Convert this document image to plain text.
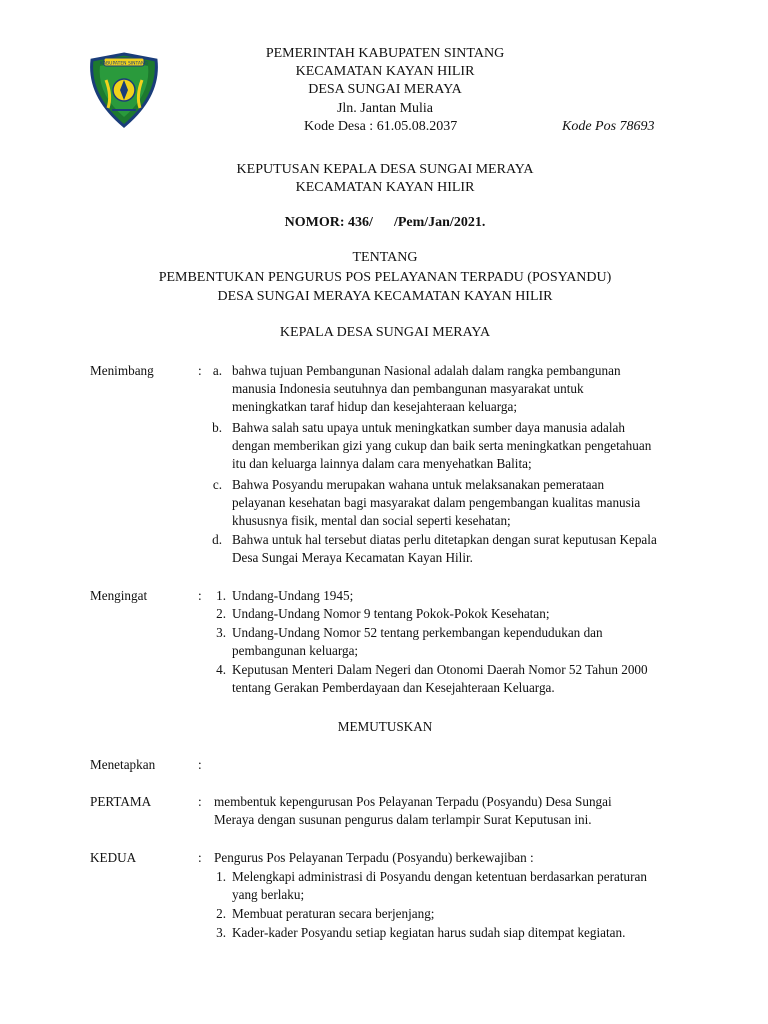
KABUPATEN SINTANG
PEMERINTAH KABUPATEN SINTANG
KECAMATAN KAYAN HILIR
DESA SUNGAI MERAYA
Jln. Jantan Mulia
Kode Desa : 61.05.08.2037	Kode Pos 78693
KEPUTUSAN KEPALA DESA SUNGAI MERAYA
KECAMATAN KAYAN HILIR
NOMOR: 436/      /Pem/Jan/2021.
TENTANG
PEMBENTUKAN PENGURUS POS PELAYANAN TERPADU (POSYANDU)
DESA SUNGAI MERAYA KECAMATAN KAYAN HILIR
KEPALA DESA SUNGAI MERAYA
Menimbang	: a. bahwa tujuan Pembangunan Nasional adalah dalam rangka pembangunan
manusia Indonesia seutuhnya dan pembangunan masyarakat untuk
meningkatkan taraf hidup dan kesejahteraan keluarga;
b. Bahwa salah satu upaya untuk meningkatkan sumber daya manusia adalah
dengan memberikan gizi yang cukup dan baik serta meningkatkan pengetahuan
itu dan keluarga lainnya dalam cara menyehatkan Balita;
c. Bahwa Posyandu merupakan wahana untuk melaksanakan pemerataan
pelayanan kesehatan bagi masyarakat dalam pengembangan kualitas manusia
khususnya fisik, mental dan social seperti kesehatan;
d. Bahwa untuk hal tersebut diatas perlu ditetapkan dengan surat keputusan Kepala
Desa Sungai Meraya Kecamatan Kayan Hilir.
Mengingat	:	1. Undang-Undang 1945;
2. Undang-Undang Nomor 9 tentang Pokok-Pokok Kesehatan;
3. Undang-Undang Nomor 52 tentang perkembangan kependudukan dan
pembangunan keluarga;
4. Keputusan Menteri Dalam Negeri dan Otonomi Daerah Nomor 52 Tahun 2000
tentang Gerakan Pemberdayaan dan Kesejahteraan Keluarga.
MEMUTUSKAN
Menetapkan	:
PERTAMA	: membentuk kepengurusan Pos Pelayanan Terpadu (Posyandu) Desa Sungai
Meraya dengan susunan pengurus dalam terlampir Surat Keputusan ini.
KEDUA	: Pengurus Pos Pelayanan Terpadu (Posyandu) berkewajiban :
1. Melengkapi administrasi di Posyandu dengan ketentuan berdasarkan peraturan
yang berlaku;
2. Membuat peraturan secara berjenjang;
3. Kader-kader Posyandu setiap kegiatan harus sudah siap ditempat kegiatan.
